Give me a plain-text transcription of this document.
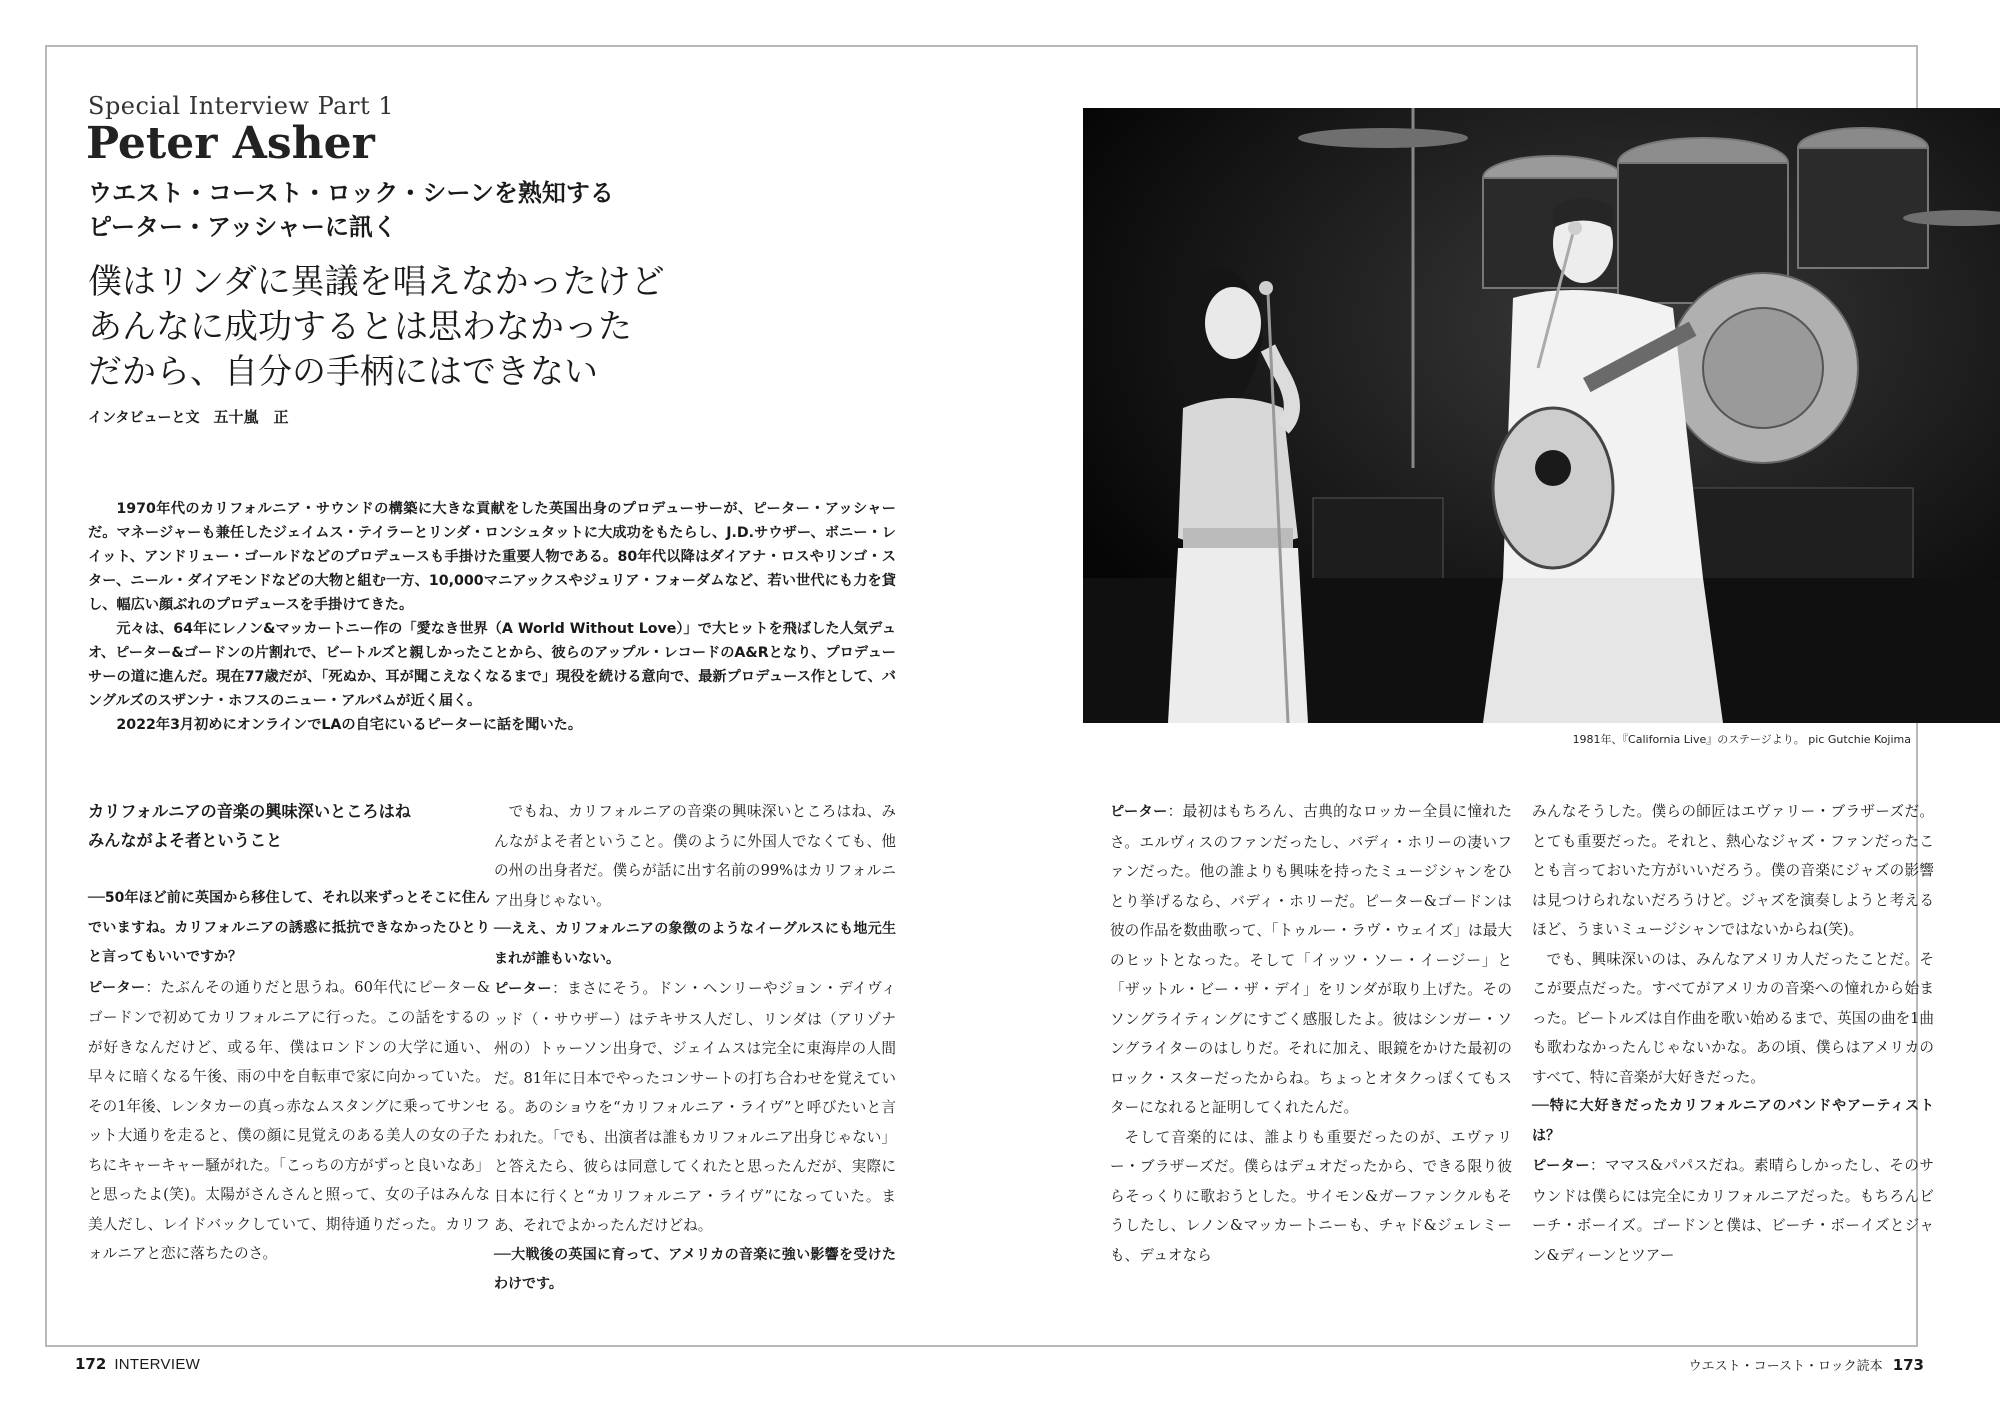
Special Interview Part 1
Peter Asher
ウエスト・コースト・ロック・シーンを熟知する
ピーター・アッシャーに訊く
僕はリンダに異議を唱えなかったけど
あんなに成功するとは思わなかった
だから、自分の手柄にはできない
インタビューと文 五十嵐　正

1970年代のカリフォルニア・サウンドの構築に大きな貢献をした英国出身のプロデューサーが、ピーター・アッシャーだ。マネージャーも兼任したジェイムス・テイラーとリンダ・ロンシュタットに大成功をもたらし、J.D.サウザー、ボニー・レイット、アンドリュー・ゴールドなどのプロデュースも手掛けた重要人物である。80年代以降はダイアナ・ロスやリンゴ・スター、ニール・ダイアモンドなどの大物と組む一方、10,000マニアックスやジュリア・フォーダムなど、若い世代にも力を貸し、幅広い顔ぶれのプロデュースを手掛けてきた。

元々は、64年にレノン&マッカートニー作の「愛なき世界（A World Without Love）」で大ヒットを飛ばした人気デュオ、ピーター&ゴードンの片割れで、ビートルズと親しかったことから、彼らのアップル・レコードのA&Rとなり、プロデューサーの道に進んだ。現在77歳だが、「死ぬか、耳が聞こえなくなるまで」現役を続ける意向で、最新プロデュース作として、バングルズのスザンナ・ホフスのニュー・アルバムが近く届く。

2022年3月初めにオンラインでLAの自宅にいるピーターに話を聞いた。

1981年、『California Live』のステージより。 pic Gutchie Kojima
カリフォルニアの音楽の興味深いところはね
みんながよそ者ということ

──50年ほど前に英国から移住して、それ以来ずっとそこに住んでいますね。カリフォルニアの誘惑に抵抗できなかったひとりと言ってもいいですか？

ピーター：たぶんその通りだと思うね。60年代にピーター&ゴードンで初めてカリフォルニアに行った。この話をするのが好きなんだけど、或る年、僕はロンドンの大学に通い、早々に暗くなる午後、雨の中を自転車で家に向かっていた。その1年後、レンタカーの真っ赤なムスタングに乗ってサンセット大通りを走ると、僕の顔に見覚えのある美人の女の子たちにキャーキャー騒がれた。「こっちの方がずっと良いなあ」と思ったよ(笑)。太陽がさんさんと照って、女の子はみんな美人だし、レイドバックしていて、期待通りだった。カリフォルニアと恋に落ちたのさ。

でもね、カリフォルニアの音楽の興味深いところはね、みんながよそ者ということ。僕のように外国人でなくても、他の州の出身者だ。僕らが話に出す名前の99%はカリフォルニア出身じゃない。

──ええ、カリフォルニアの象徴のようなイーグルスにも地元生まれが誰もいない。

ピーター：まさにそう。ドン・ヘンリーやジョン・デイヴィッド（・サウザー）はテキサス人だし、リンダは（アリゾナ州の）トゥーソン出身で、ジェイムスは完全に東海岸の人間だ。81年に日本でやったコンサートの打ち合わせを覚えている。あのショウを“カリフォルニア・ライヴ”と呼びたいと言われた。「でも、出演者は誰もカリフォルニア出身じゃない」と答えたら、彼らは同意してくれたと思ったんだが、実際に日本に行くと“カリフォルニア・ライヴ”になっていた。まあ、それでよかったんだけどね。

──大戦後の英国に育って、アメリカの音楽に強い影響を受けたわけです。

ピーター：最初はもちろん、古典的なロッカー全員に憧れたさ。エルヴィスのファンだったし、バディ・ホリーの凄いファンだった。他の誰よりも興味を持ったミュージシャンをひとり挙げるなら、バディ・ホリーだ。ピーター&ゴードンは彼の作品を数曲歌って、「トゥルー・ラヴ・ウェイズ」は最大のヒットとなった。そして「イッツ・ソー・イージー」と「ザットル・ビー・ザ・デイ」をリンダが取り上げた。そのソングライティングにすごく感服したよ。彼はシンガー・ソングライターのはしりだ。それに加え、眼鏡をかけた最初のロック・スターだったからね。ちょっとオタクっぽくてもスターになれると証明してくれたんだ。

そして音楽的には、誰よりも重要だったのが、エヴァリー・ブラザーズだ。僕らはデュオだったから、できる限り彼らそっくりに歌おうとした。サイモン&ガーファンクルもそうしたし、レノン&マッカートニーも、チャド&ジェレミーも、デュオなら

みんなそうした。僕らの師匠はエヴァリー・ブラザーズだ。とても重要だった。それと、熱心なジャズ・ファンだったことも言っておいた方がいいだろう。僕の音楽にジャズの影響は見つけられないだろうけど。ジャズを演奏しようと考えるほど、うまいミュージシャンではないからね(笑)。

でも、興味深いのは、みんなアメリカ人だったことだ。そこが要点だった。すべてがアメリカの音楽への憧れから始まった。ビートルズは自作曲を歌い始めるまで、英国の曲を1曲も歌わなかったんじゃないかな。あの頃、僕らはアメリカのすべて、特に音楽が大好きだった。

──特に大好きだったカリフォルニアのバンドやアーティストは？

ピーター：ママス&パパスだね。素晴らしかったし、そのサウンドは僕らには完全にカリフォルニアだった。もちろんビーチ・ボーイズ。ゴードンと僕は、ビーチ・ボーイズとジャン&ディーンとツアー

172 INTERVIEW	ウエスト・コースト・ロック読本 173
